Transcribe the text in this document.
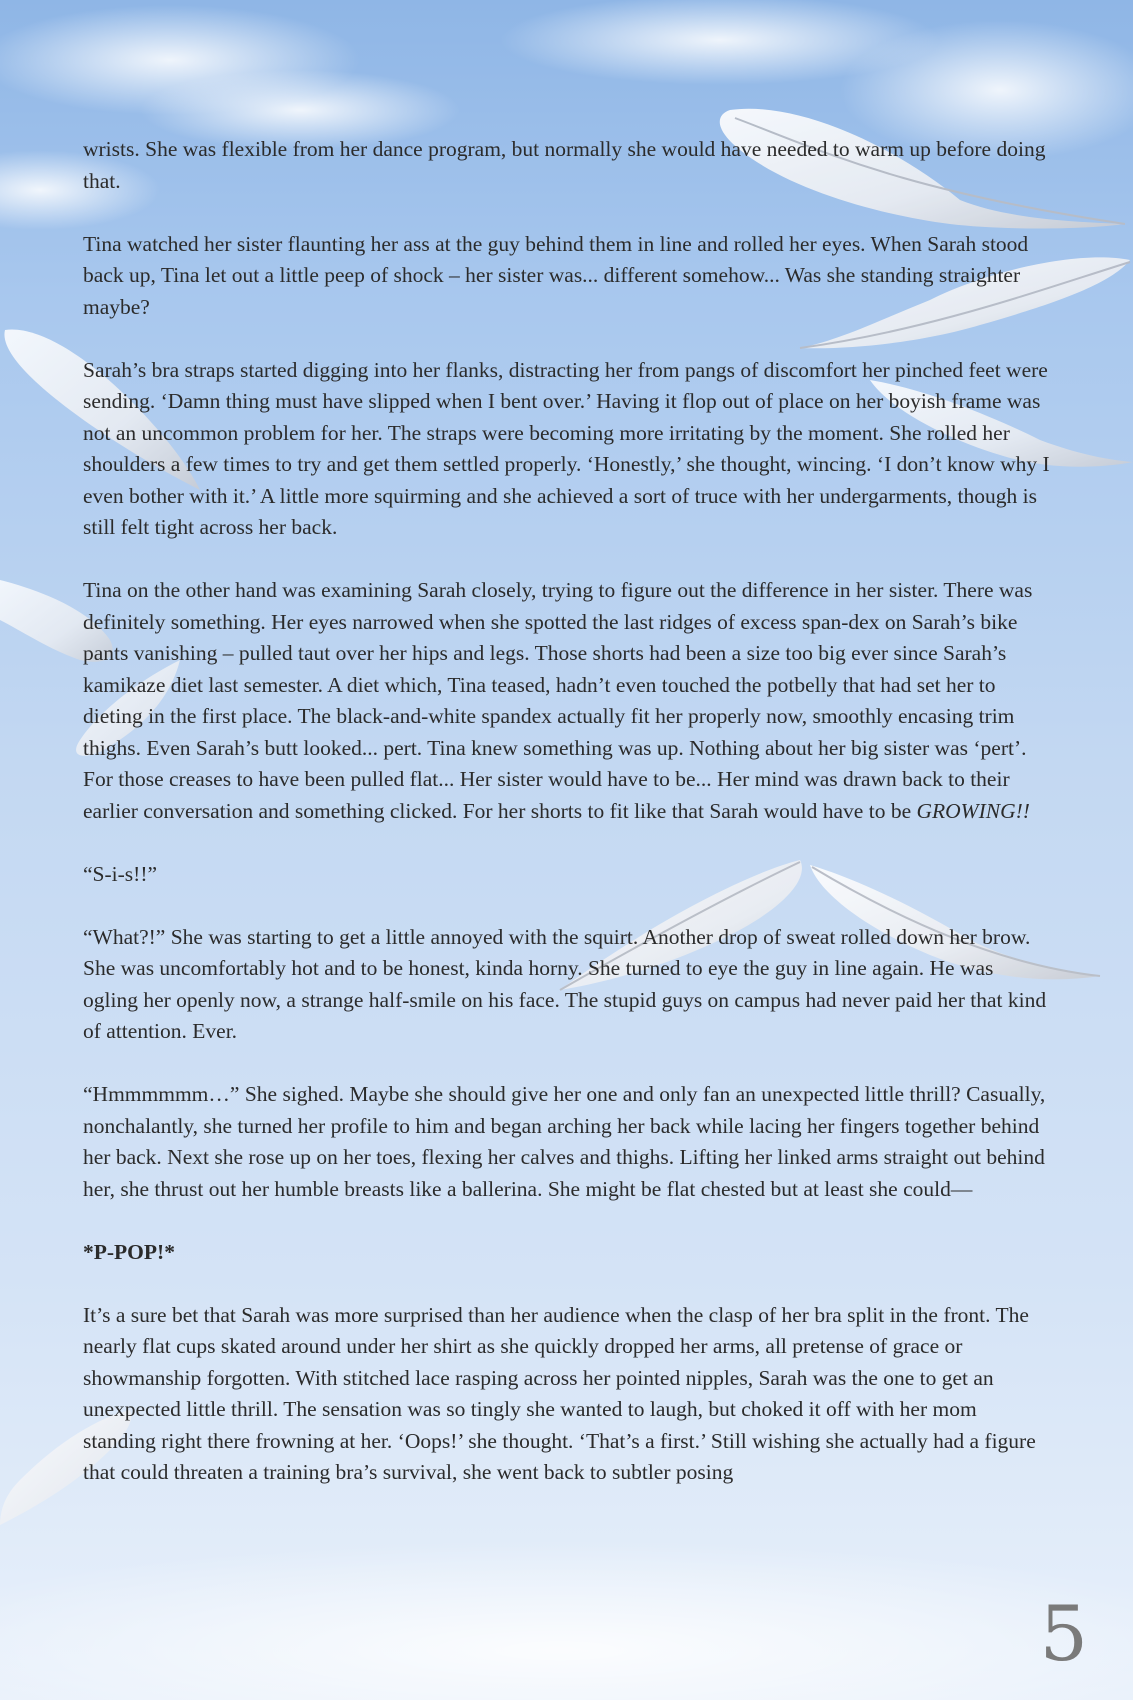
wrists. She was flexible from her dance program, but normally she would have needed to warm up before doing that.

Tina watched her sister flaunting her ass at the guy behind them in line and rolled her eyes. When Sarah stood back up, Tina let out a little peep of shock – her sister was... different somehow... Was she standing straighter maybe?

Sarah’s bra straps started digging into her flanks, distracting her from pangs of discomfort her pinched feet were sending. ‘Damn thing must have slipped when I bent over.’ Having it flop out of place on her boyish frame was not an uncommon problem for her. The straps were becoming more irritating by the moment. She rolled her shoulders a few times to try and get them settled properly. ‘Honestly,’ she thought, wincing. ‘I don’t know why I even bother with it.’ A little more squirming and she achieved a sort of truce with her undergarments, though is still felt tight across her back.

Tina on the other hand was examining Sarah closely, trying to figure out the difference in her sister. There was definitely something. Her eyes narrowed when she spotted the last ridges of excess span-dex on Sarah’s bike pants vanishing – pulled taut over her hips and legs. Those shorts had been a size too big ever since Sarah’s kamikaze diet last semester. A diet which, Tina teased, hadn’t even touched the potbelly that had set her to dieting in the first place. The black-and-white spandex actually fit her properly now, smoothly encasing trim thighs. Even Sarah’s butt looked... pert. Tina knew something was up. Nothing about her big sister was ‘pert’. For those creases to have been pulled flat... Her sister would have to be... Her mind was drawn back to their earlier conversation and something clicked. For her shorts to fit like that Sarah would have to be GROWING!!

“S-i-s!!”

“What?!” She was starting to get a little annoyed with the squirt. Another drop of sweat rolled down her brow. She was uncomfortably hot and to be honest, kinda horny. She turned to eye the guy in line again. He was ogling her openly now, a strange half-smile on his face. The stupid guys on campus had never paid her that kind of attention. Ever.

“Hmmmmmm…” She sighed. Maybe she should give her one and only fan an unexpected little thrill? Casually, nonchalantly, she turned her profile to him and began arching her back while lacing her fingers together behind her back. Next she rose up on her toes, flexing her calves and thighs. Lifting her linked arms straight out behind her, she thrust out her humble breasts like a ballerina. She might be flat chested but at least she could—

*P-POP!*

It’s a sure bet that Sarah was more surprised than her audience when the clasp of her bra split in the front. The nearly flat cups skated around under her shirt as she quickly dropped her arms, all pretense of grace or showmanship forgotten. With stitched lace rasping across her pointed nipples, Sarah was the one to get an unexpected little thrill. The sensation was so tingly she wanted to laugh, but choked it off with her mom standing right there frowning at her. ‘Oops!’ she thought. ‘That’s a first.’ Still wishing she actually had a figure that could threaten a training bra’s survival, she went back to subtler posing

5
